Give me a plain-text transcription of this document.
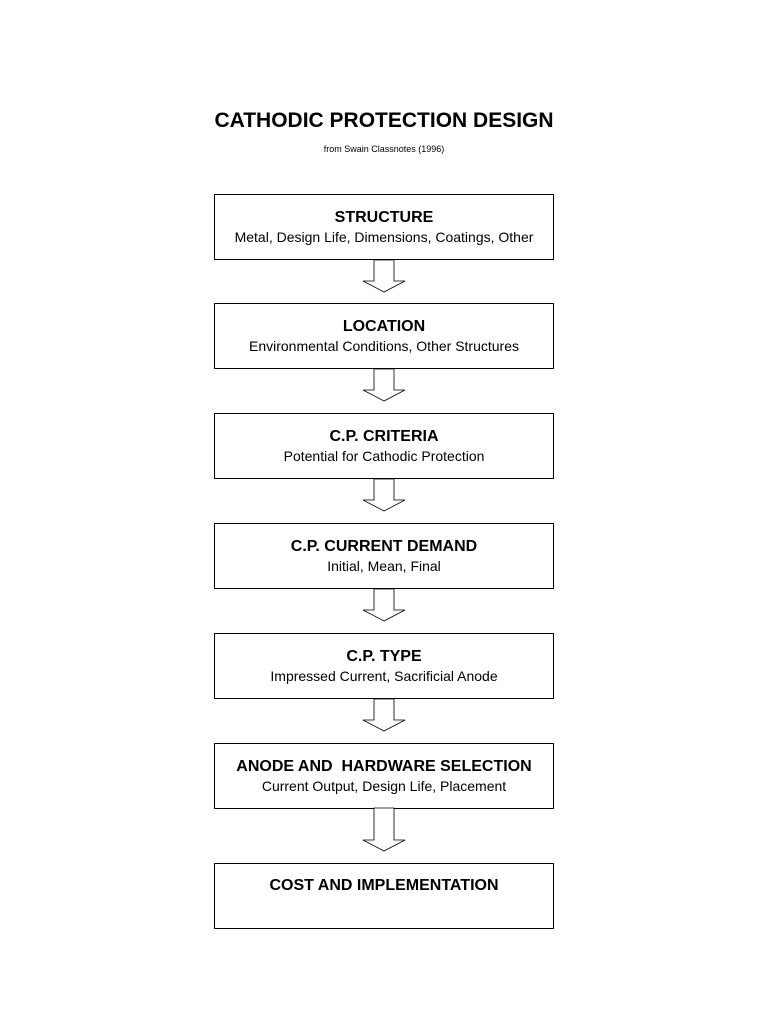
CATHODIC PROTECTION DESIGN
from Swain Classnotes (1996)
STRUCTURE
Metal, Design Life, Dimensions, Coatings, Other
LOCATION
Environmental Conditions, Other Structures
C.P. CRITERIA
Potential for Cathodic Protection
C.P. CURRENT DEMAND
Initial, Mean, Final
C.P. TYPE
Impressed Current, Sacrificial Anode
ANODE AND  HARDWARE SELECTION
Current Output, Design Life, Placement
COST AND IMPLEMENTATION
